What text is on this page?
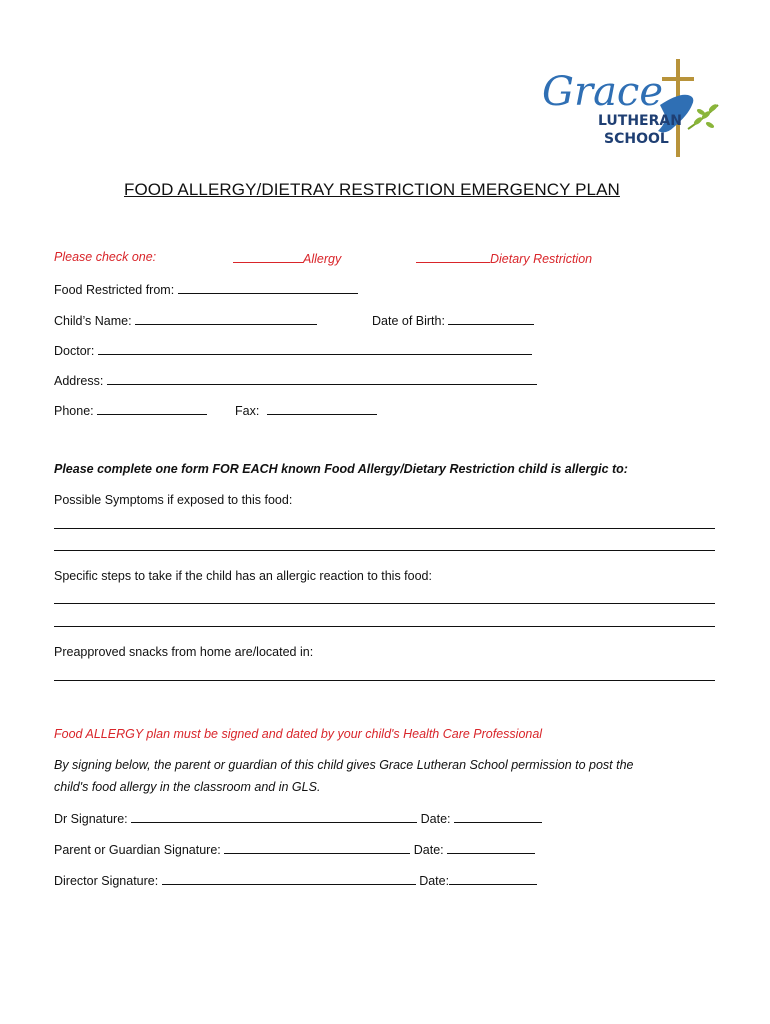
Grace
LUTHERAN
SCHOOL
FOOD ALLERGY/DIETRAY RESTRICTION EMERGENCY PLAN
Please check one:	Allergy	Dietary Restriction
Food Restricted from:
Child’s Name:	Date of Birth:
Doctor:
Address:
Phone:	Fax:
Please complete one form FOR EACH known Food Allergy/Dietary Restriction child is allergic to:
Possible Symptoms if exposed to this food:
Specific steps to take if the child has an allergic reaction to this food:
Preapproved snacks from home are/located in:
Food ALLERGY plan must be signed and dated by your child's Health Care Professional
By signing below, the parent or guardian of this child gives Grace Lutheran School permission to post the
child's food allergy in the classroom and in GLS.
Dr Signature:	Date:
Parent or Guardian Signature:	Date:
Director Signature:	Date:
